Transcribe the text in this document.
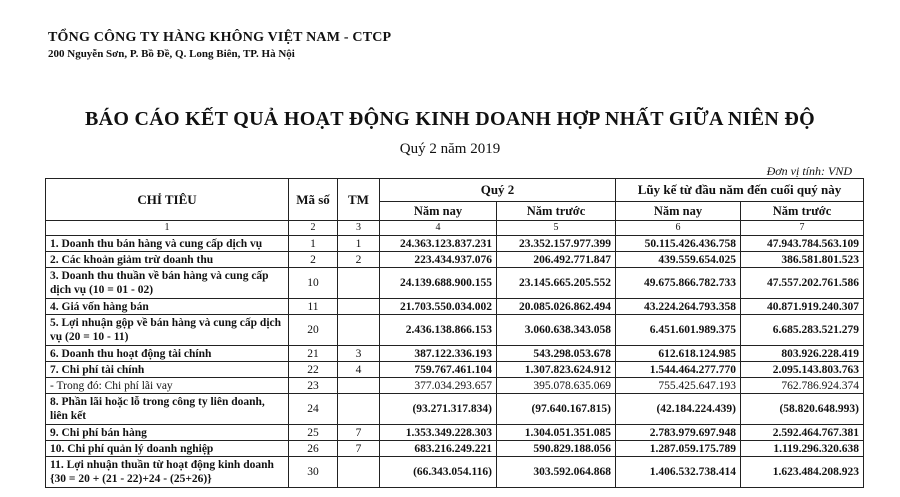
TỔNG CÔNG TY HÀNG KHÔNG VIỆT NAM - CTCP
200 Nguyễn Sơn, P. Bồ Đề, Q. Long Biên, TP. Hà Nội
BÁO CÁO KẾT QUẢ HOẠT ĐỘNG KINH DOANH HỢP NHẤT GIỮA NIÊN ĐỘ
Quý 2 năm 2019
Đơn vị tính: VND
CHỈ TIÊU	Mã số	TM	Quý 2		Lũy kế từ đầu năm đến cuối quý này	
			Năm nay	Năm trước	Năm nay	Năm trước
1	2	3	4	5	6	7
1. Doanh thu bán hàng và cung cấp dịch vụ	1	1	24.363.123.837.231	23.352.157.977.399	50.115.426.436.758	47.943.784.563.109
2. Các khoản giảm trừ doanh thu	2	2	223.434.937.076	206.492.771.847	439.559.654.025	386.581.801.523
3. Doanh thu thuần về bán hàng và cung cấp dịch vụ (10 = 01 - 02)	10		24.139.688.900.155	23.145.665.205.552	49.675.866.782.733	47.557.202.761.586
4. Giá vốn hàng bán	11		21.703.550.034.002	20.085.026.862.494	43.224.264.793.358	40.871.919.240.307
5. Lợi nhuận gộp về bán hàng và cung cấp dịch vụ (20 = 10 - 11)	20		2.436.138.866.153	3.060.638.343.058	6.451.601.989.375	6.685.283.521.279
6. Doanh thu hoạt động tài chính	21	3	387.122.336.193	543.298.053.678	612.618.124.985	803.926.228.419
7. Chi phí tài chính	22	4	759.767.461.104	1.307.823.624.912	1.544.464.277.770	2.095.143.803.763
- Trong đó: Chi phí lãi vay	23		377.034.293.657	395.078.635.069	755.425.647.193	762.786.924.374
8. Phần lãi hoặc lỗ trong công ty liên doanh, liên kết	24		(93.271.317.834)	(97.640.167.815)	(42.184.224.439)	(58.820.648.993)
9. Chi phí bán hàng	25	7	1.353.349.228.303	1.304.051.351.085	2.783.979.697.948	2.592.464.767.381
10. Chi phí quản lý doanh nghiệp	26	7	683.216.249.221	590.829.188.056	1.287.059.175.789	1.119.296.320.638
11. Lợi nhuận thuần từ hoạt động kinh doanh {30 = 20 + (21 - 22)+24 - (25+26)}	30		(66.343.054.116)	303.592.064.868	1.406.532.738.414	1.623.484.208.923
